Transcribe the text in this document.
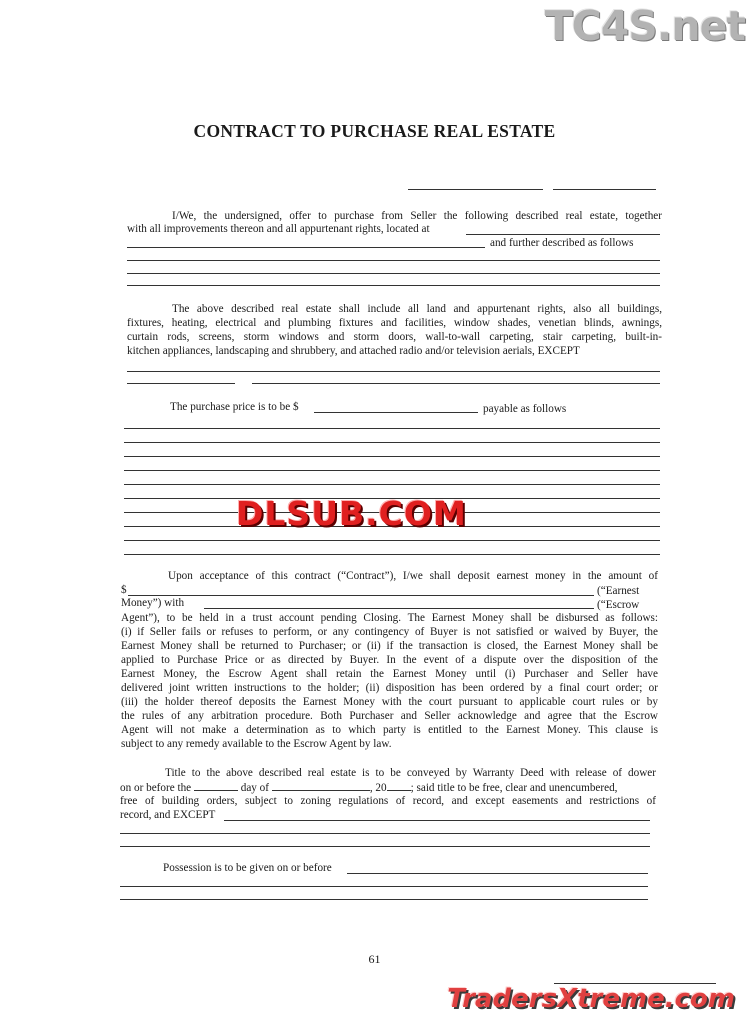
TC4S.net
CONTRACT TO PURCHASE REAL ESTATE
I/We, the undersigned, offer to purchase from Seller the following described real estate, together
with all improvements thereon and all appurtenant rights, located at
and further described as follows
The above described real estate shall include all land and appurtenant rights, also all buildings,
fixtures, heating, electrical and plumbing fixtures and facilities, window shades, venetian blinds, awnings,
curtain rods, screens, storm windows and storm doors, wall-to-wall carpeting, stair carpeting, built-in-
kitchen appliances, landscaping and shrubbery, and attached radio and/or television aerials, EXCEPT
The purchase price is to be $	payable as follows
DLSUB.COM
Upon acceptance of this contract (“Contract”), I/we shall deposit earnest money in the amount of
$	(“Earnest
Money”) with	(“Escrow
Agent”), to be held in a trust account pending Closing. The Earnest Money shall be disbursed as follows:
(i) if Seller fails or refuses to perform, or any contingency of Buyer is not satisfied or waived by Buyer, the
Earnest Money shall be returned to Purchaser; or (ii) if the transaction is closed, the Earnest Money shall be
applied to Purchase Price or as directed by Buyer. In the event of a dispute over the disposition of the
Earnest Money, the Escrow Agent shall retain the Earnest Money until (i) Purchaser and Seller have
delivered joint written instructions to the holder; (ii) disposition has been ordered by a final court order; or
(iii) the holder thereof deposits the Earnest Money with the court pursuant to applicable court rules or by
the rules of any arbitration procedure. Both Purchaser and Seller acknowledge and agree that the Escrow
Agent will not make a determination as to which party is entitled to the Earnest Money. This clause is
subject to any remedy available to the Escrow Agent by law.
Title to the above described real estate is to be conveyed by Warranty Deed with release of dower
on or before the	day of	, 20 ; said title to be free, clear and unencumbered,
free of building orders, subject to zoning regulations of record, and except easements and restrictions of
record, and EXCEPT
Possession is to be given on or before
61
TradersXtreme.com
